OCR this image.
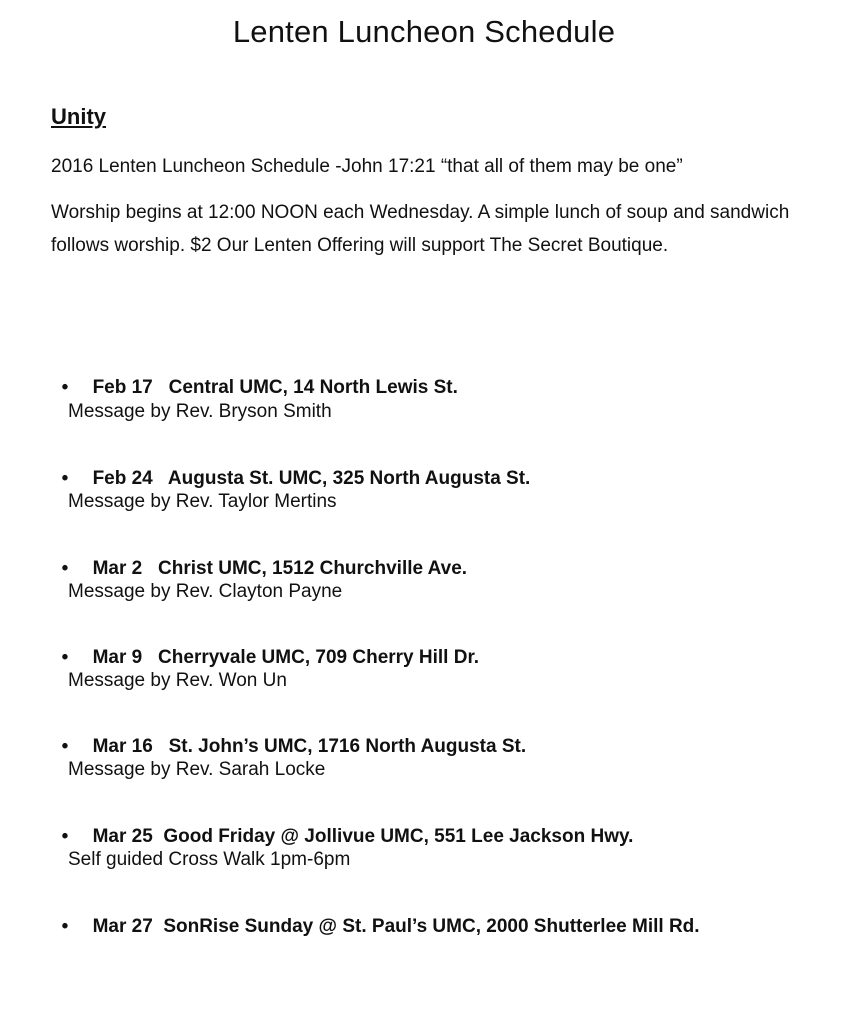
Lenten Luncheon Schedule
Unity

2016 Lenten Luncheon Schedule -John 17:21 “that all of them may be one”

Worship begins at 12:00 NOON each Wednesday. A simple lunch of soup and sandwich follows worship. $2 Our Lenten Offering will support The Secret Boutique.

• Feb 17 Central UMC, 14 North Lewis St.

Message by Rev. Bryson Smith

• Feb 24 Augusta St. UMC, 325 North Augusta St.

Message by Rev. Taylor Mertins

• Mar 2 Christ UMC, 1512 Churchville Ave.

Message by Rev. Clayton Payne

• Mar 9 Cherryvale UMC, 709 Cherry Hill Dr.

Message by Rev. Won Un

• Mar 16 St. John’s UMC, 1716 North Augusta St.

Message by Rev. Sarah Locke

• Mar 25 Good Friday @ Jollivue UMC, 551 Lee Jackson Hwy.

Self guided Cross Walk 1pm-6pm

• Mar 27 SonRise Sunday @ St. Paul’s UMC, 2000 Shutterlee Mill Rd.
